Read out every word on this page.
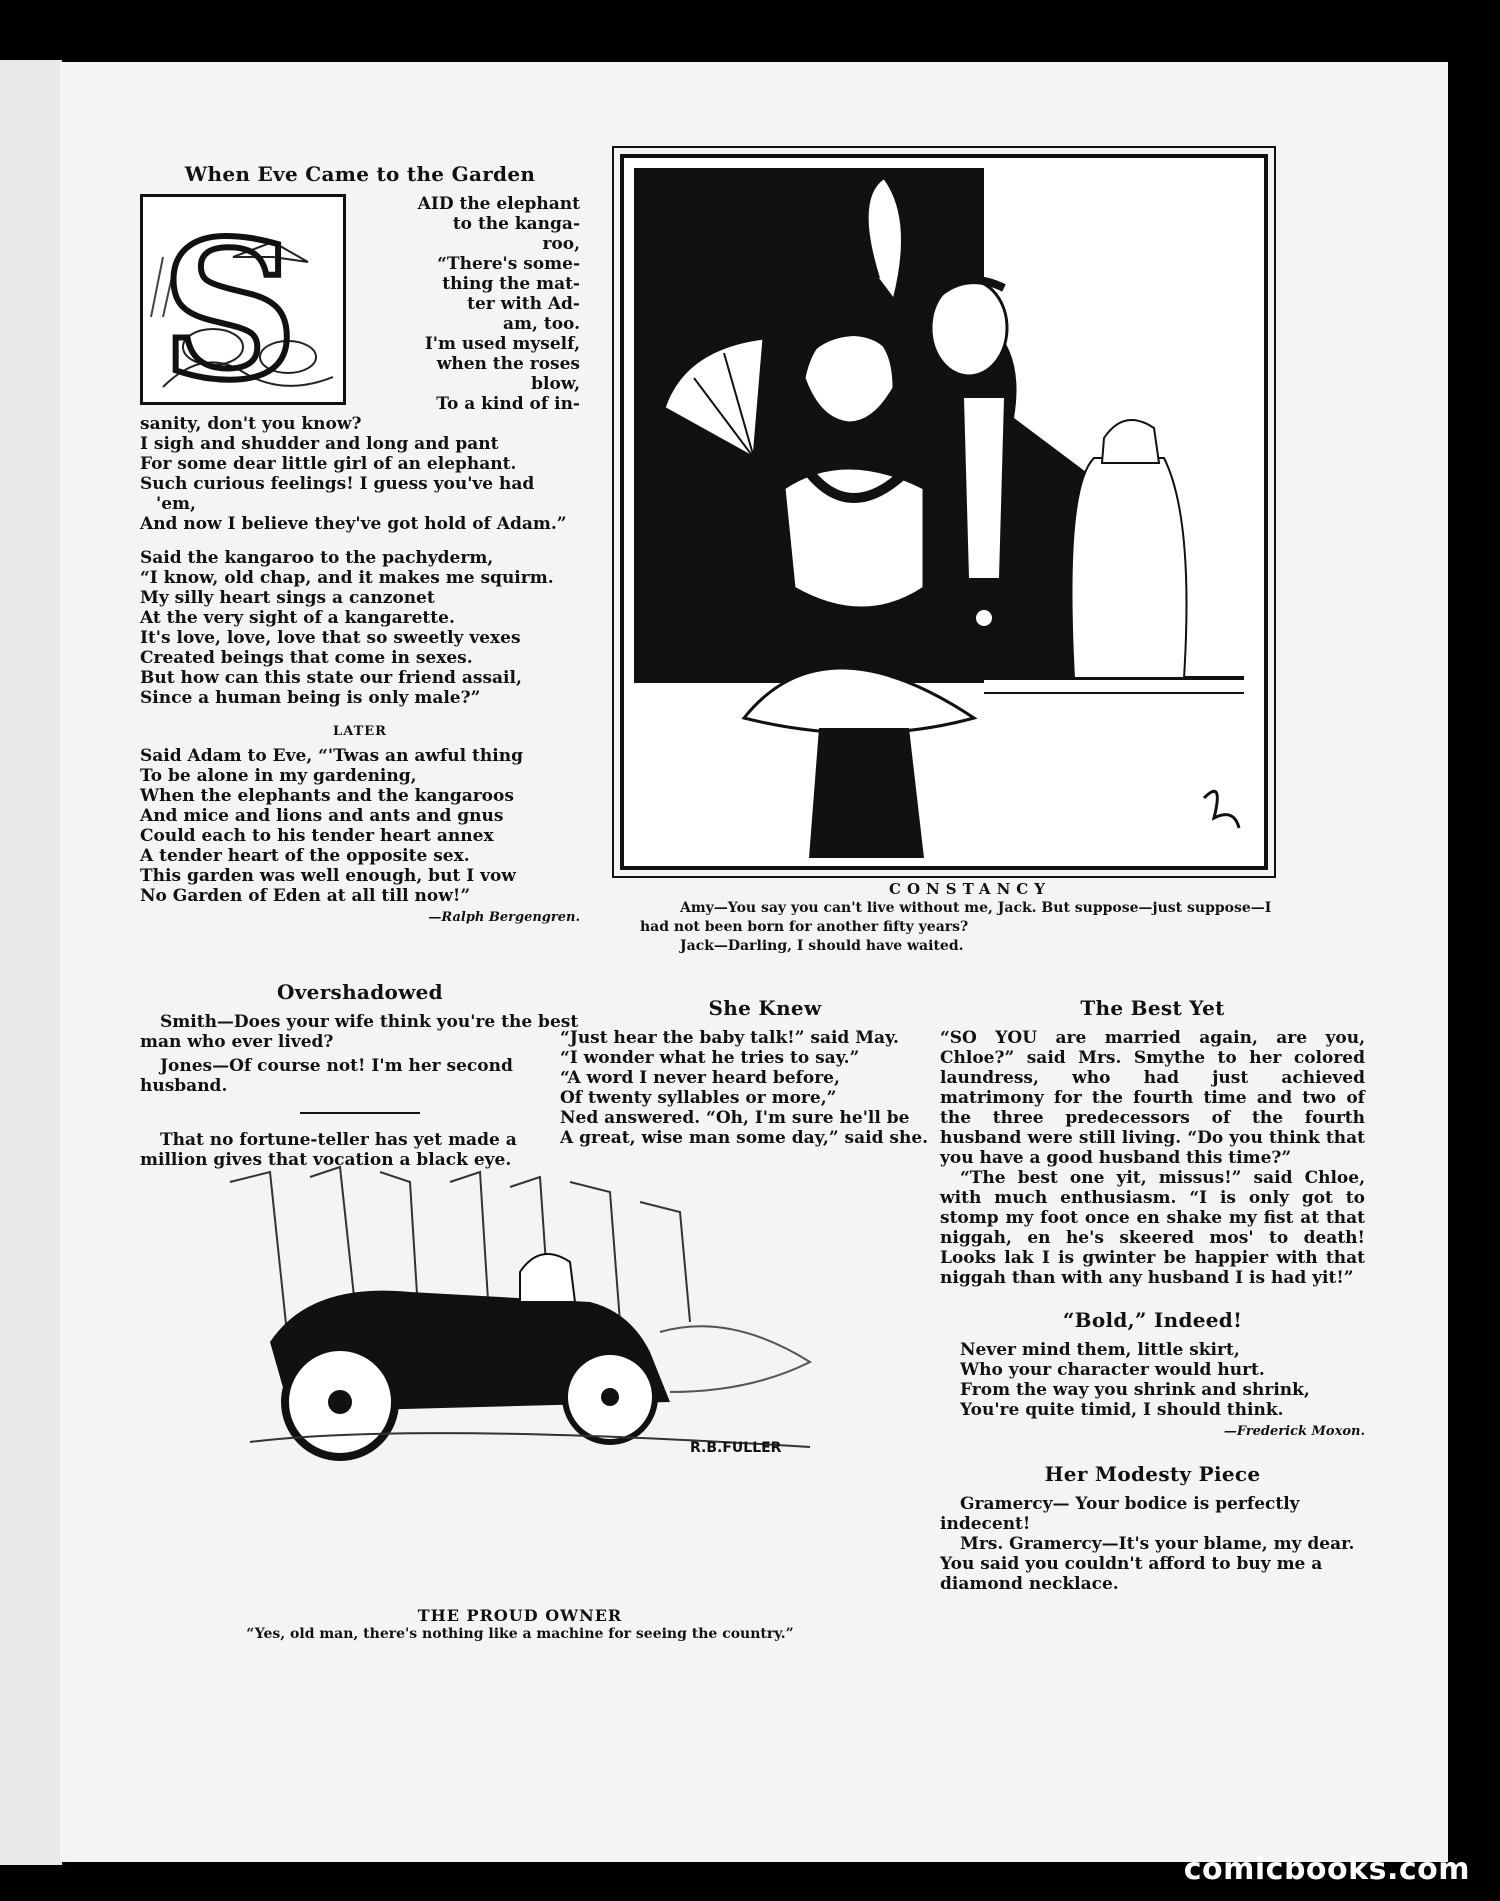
When Eve Came to the Garden
S	AID the elephant
to the kanga-
roo,
“There's some-
thing the mat-
ter with Ad-
am, too.
I'm used myself,
when the roses
blow,
To a kind of in-
sanity, don't you know?
I sigh and shudder and long and pant
For some dear little girl of an elephant.
Such curious feelings! I guess you've had 'em,
And now I believe they've got hold of Adam.”
Said the kangaroo to the pachyderm,
“I know, old chap, and it makes me squirm.
My silly heart sings a canzonet
At the very sight of a kangarette.
It's love, love, love that so sweetly vexes
Created beings that come in sexes.
But how can this state our friend assail,
Since a human being is only male?”
LATER
Said Adam to Eve, “'Twas an awful thing
To be alone in my gardening,
When the elephants and the kangaroos
And mice and lions and ants and gnus
Could each to his tender heart annex
A tender heart of the opposite sex.
This garden was well enough, but I vow
No Garden of Eden at all till now!”
—Ralph Bergengren.
Overshadowed
Smith—Does your wife think you're the best man who ever lived?
Jones—Of course not! I'm her second husband.
That no fortune-teller has yet made a million gives that vocation a black eye.
CONSTANCY
Amy—You say you can't live without me, Jack. But suppose—just suppose—I had not been born for another fifty years?
Jack—Darling, I should have waited.
She Knew
“Just hear the baby talk!” said May.
“I wonder what he tries to say.”
“A word I never heard before,
Of twenty syllables or more,”
Ned answered. “Oh, I'm sure he'll be
A great, wise man some day,” said she.
R.B.FULLER
THE PROUD OWNER
“Yes, old man, there's nothing like a machine for seeing the country.”
The Best Yet
“SO YOU are married again, are you, Chloe?” said Mrs. Smythe to her colored laundress, who had just achieved matrimony for the fourth time and two of the three predecessors of the fourth husband were still living. “Do you think that you have a good husband this time?”
“The best one yit, missus!” said Chloe, with much enthusiasm. “I is only got to stomp my foot once en shake my fist at that niggah, en he's skeered mos' to death! Looks lak I is gwinter be happier with that niggah than with any husband I is had yit!”
“Bold,” Indeed!
Never mind them, little skirt,
Who your character would hurt.
From the way you shrink and shrink,
You're quite timid, I should think.
—Frederick Moxon.
Her Modesty Piece
Gramercy— Your bodice is perfectly indecent!
Mrs. Gramercy—It's your blame, my dear. You said you couldn't afford to buy me a diamond necklace.
comicbooks.com
